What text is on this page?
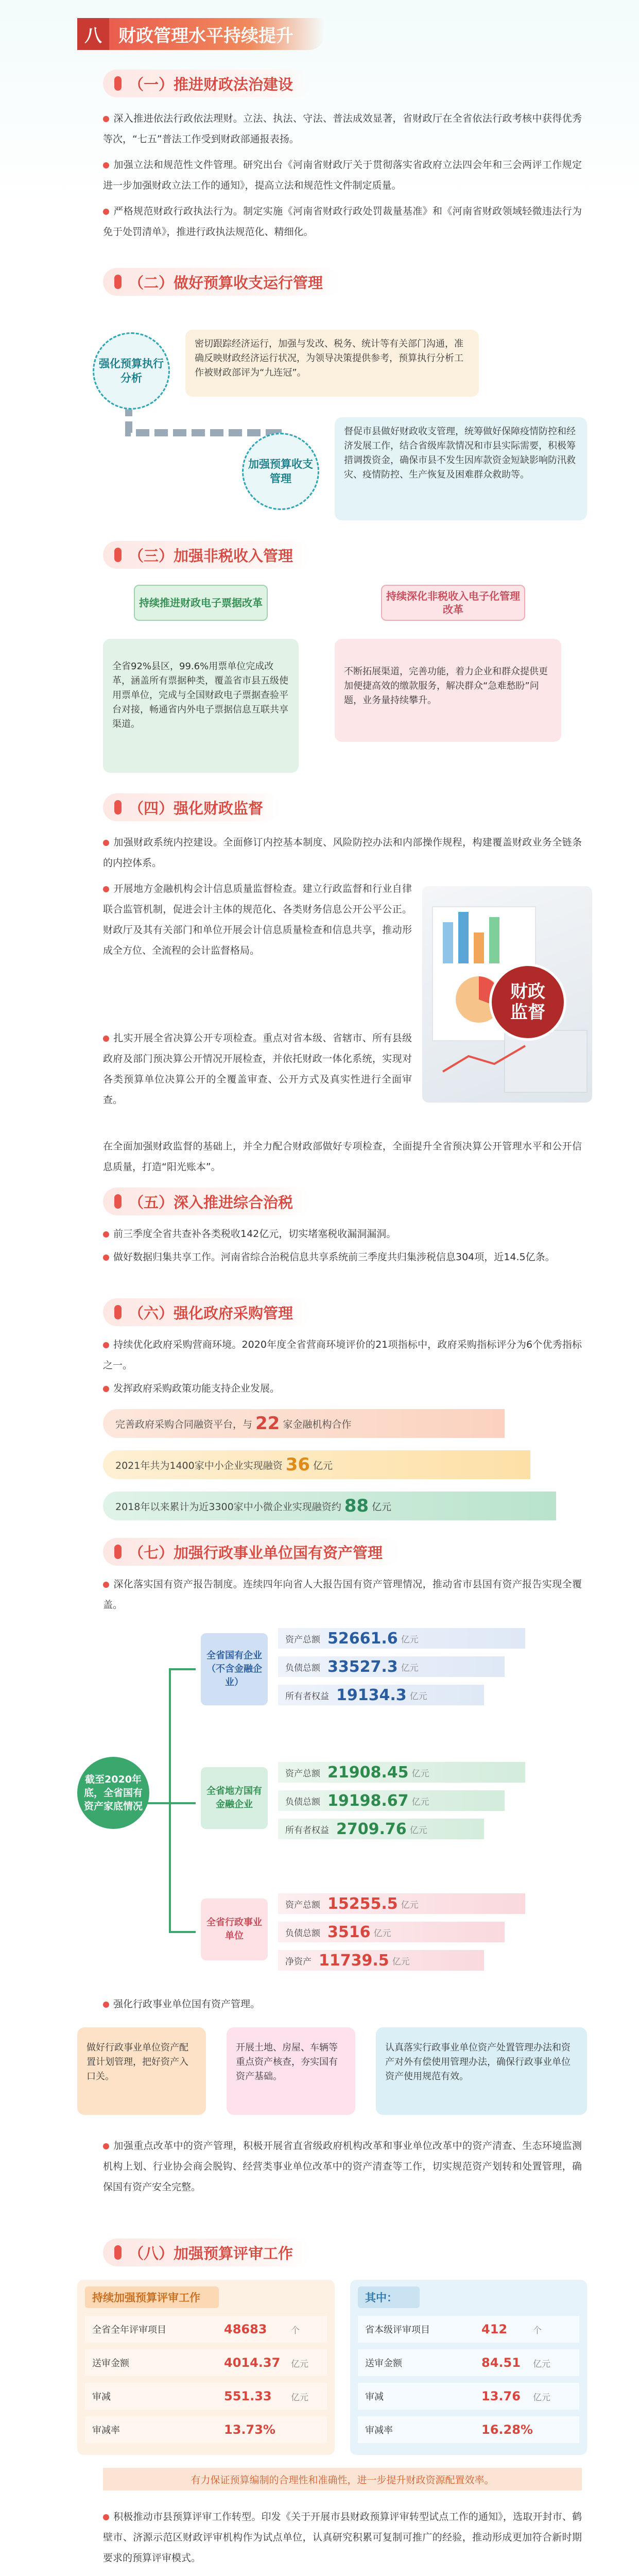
八 财政管理水平持续提升
（一）推进财政法治建设
深入推进依法行政依法理财。立法、执法、守法、普法成效显著，省财政厅在全省依法行政考核中获得优秀等次，“七五”普法工作受到财政部通报表扬。
加强立法和规范性文件管理。研究出台《河南省财政厅关于贯彻落实省政府立法四会年和三会两评工作规定 进一步加强财政立法工作的通知》，提高立法和规范性文件制定质量。
严格规范财政行政执法行为。制定实施《河南省财政行政处罚裁量基准》和《河南省财政领域轻微违法行为免于处罚清单》，推进行政执法规范化、精细化。
（二）做好预算收支运行管理
强化预算执行分析
密切跟踪经济运行，加强与发改、税务、统计等有关部门沟通，准确反映财政经济运行状况，为领导决策提供参考，预算执行分析工作被财政部评为“九连冠”。
加强预算收支管理
督促市县做好财政收支管理，统筹做好保障疫情防控和经济发展工作，结合省级库款情况和市县实际需要，积极筹措调拨资金，确保市县不发生因库款资金短缺影响防汛救灾、疫情防控、生产恢复及困难群众救助等。
（三）加强非税收入管理
持续推进财政电子票据改革
持续深化非税收入电子化管理改革
全省92%县区，99.6%用票单位完成改革，涵盖所有票据种类，覆盖省市县五级使用票单位，完成与全国财政电子票据查验平台对接，畅通省内外电子票据信息互联共享渠道。
不断拓展渠道，完善功能，着力企业和群众提供更加便捷高效的缴款服务，解决群众“急难愁盼”问题，业务量持续攀升。
（四）强化财政监督
加强财政系统内控建设。全面修订内控基本制度、风险防控办法和内部操作规程，构建覆盖财政业务全链条的内控体系。
开展地方金融机构会计信息质量监督检查。建立行政监督和行业自律联合监管机制，促进会计主体的规范化、各类财务信息公开公平公正。财政厅及其有关部门和单位开展会计信息质量检查和信息共享，推动形成全方位、全流程的会计监督格局。
扎实开展全省决算公开专项检查。重点对省本级、省辖市、所有县级政府及部门预决算公开情况开展检查，并依托财政一体化系统，实现对各类预算单位决算公开的全覆盖审查、公开方式及真实性进行全面审查。
在全面加强财政监督的基础上，并全力配合财政部做好专项检查，全面提升全省预决算公开管理水平和公开信息质量，打造“阳光账本”。
财政监督
（五）深入推进综合治税
前三季度全省共查补各类税收142亿元，切实堵塞税收漏洞漏洞。
做好数据归集共享工作。河南省综合治税信息共享系统前三季度共归集涉税信息304项，近14.5亿条。
（六）强化政府采购管理
持续优化政府采购营商环境。2020年度全省营商环境评价的21项指标中，政府采购指标评分为6个优秀指标之一。
发挥政府采购政策功能支持企业发展。
完善政府采购合同融资平台，与 22 家金融机构合作
2021年共为1400家中小企业实现融资 36 亿元
2018年以来累计为近3300家中小微企业实现融资约 88 亿元
（七）加强行政事业单位国有资产管理
深化落实国有资产报告制度。连续四年向省人大报告国有资产管理情况，推动省市县国有资产报告实现全覆盖。
截至2020年底，全省国有资产家底情况
全省国有企业（不含金融企业）
全省地方国有金融企业
全省行政事业单位
资产总额 52661.6 亿元
负债总额 33527.3 亿元
所有者权益 19134.3 亿元
资产总额 21908.45 亿元
负债总额 19198.67 亿元
所有者权益 2709.76 亿元
资产总额 15255.5 亿元
负债总额 3516 亿元
净资产 11739.5 亿元
强化行政事业单位国有资产管理。
做好行政事业单位资产配置计划管理，把好资产入口关。
开展土地、房屋、车辆等重点资产核查，夯实国有资产基础。
认真落实行政事业单位资产处置管理办法和资产对外有偿使用管理办法，确保行政事业单位资产使用规范有效。
加强重点改革中的资产管理，积极开展省直省级政府机构改革和事业单位改革中的资产清查、生态环境监测机构上划、行业协会商会脱钩、经营类事业单位改革中的资产清查等工作，切实规范资产划转和处置管理，确保国有资产安全完整。
（八）加强预算评审工作
持续加强预算评审工作	其中：
全省全年评审项目	48683	个
送审金额	4014.37 亿元
审减	551.33 亿元
审减率	13.73%
省本级评审项目	412	个
送审金额	84.51 亿元
审减	13.76 亿元
审减率	16.28%
有力保证预算编制的合理性和准确性，进一步提升财政资源配置效率。
积极推动市县预算评审工作转型。印发《关于开展市县财政预算评审转型试点工作的通知》，选取开封市、鹤壁市、济源示范区财政评审机构作为试点单位，认真研究积累可复制可推广的经验，推动形成更加符合新时期要求的预算评审模式。
